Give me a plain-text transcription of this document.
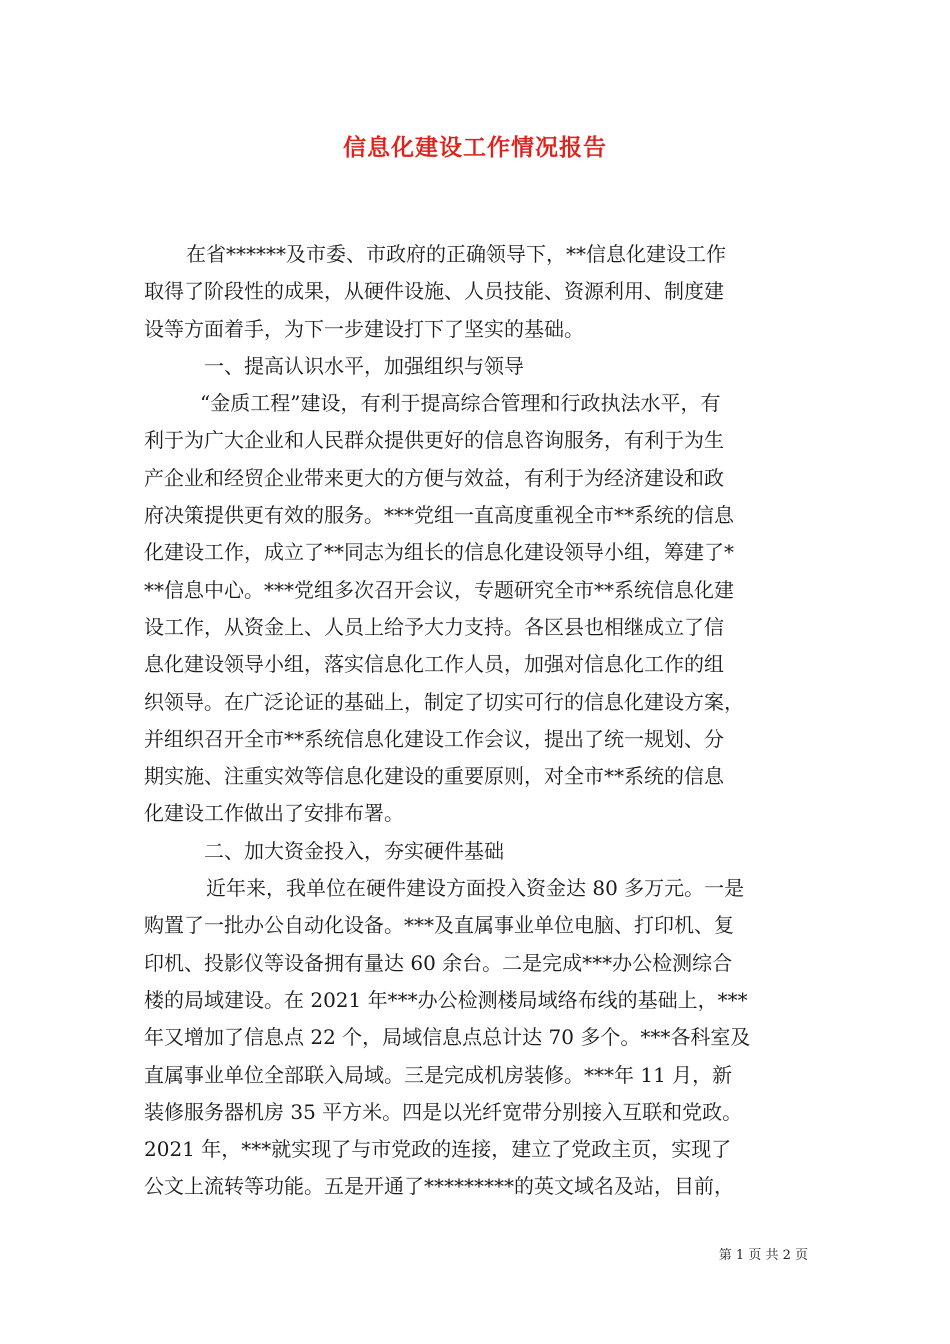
信息化建设工作情况报告
在省******及市委、市政府的正确领导下，**信息化建设工作
取得了阶段性的成果，从硬件设施、人员技能、资源利用、制度建
设等方面着手，为下一步建设打下了坚实的基础。
一、提高认识水平，加强组织与领导
“金质工程”建设，有利于提高综合管理和行政执法水平，有
利于为广大企业和人民群众提供更好的信息咨询服务，有利于为生
产企业和经贸企业带来更大的方便与效益，有利于为经济建设和政
府决策提供更有效的服务。***党组一直高度重视全市**系统的信息
化建设工作，成立了**同志为组长的信息化建设领导小组，筹建了*
**信息中心。***党组多次召开会议，专题研究全市**系统信息化建
设工作，从资金上、人员上给予大力支持。各区县也相继成立了信
息化建设领导小组，落实信息化工作人员，加强对信息化工作的组
织领导。在广泛论证的基础上，制定了切实可行的信息化建设方案，
并组织召开全市**系统信息化建设工作会议，提出了统一规划、分
期实施、注重实效等信息化建设的重要原则，对全市**系统的信息
化建设工作做出了安排布署。
二、加大资金投入，夯实硬件基础
近年来，我单位在硬件建设方面投入资金达 80 多万元。一是
购置了一批办公自动化设备。***及直属事业单位电脑、打印机、复
印机、投影仪等设备拥有量达 60 余台。二是完成***办公检测综合
楼的局域建设。在 2021 年***办公检测楼局域络布线的基础上，***
年又增加了信息点 22 个，局域信息点总计达 70 多个。***各科室及
直属事业单位全部联入局域。三是完成机房装修。***年 11 月，新
装修服务器机房 35 平方米。四是以光纤宽带分别接入互联和党政。
2021 年，***就实现了与市党政的连接，建立了党政主页，实现了
公文上流转等功能。五是开通了*********的英文域名及站，目前，
第 1 页 共 2 页
